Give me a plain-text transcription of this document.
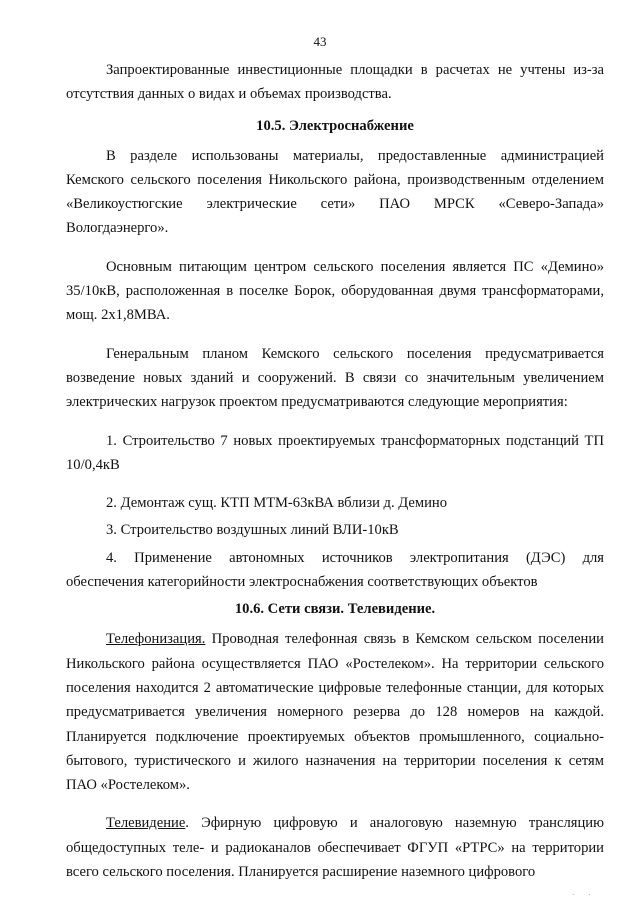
43

Запроектированные инвестиционные площадки в расчетах не учтены из-за отсутствия данных о видах и объемах производства.

10.5. Электроснабжение

В разделе использованы материалы, предоставленные администрацией Кемского сельского поселения Никольского района, производственным отделением «Великоустюгские электрические сети» ПАО МРСК «Северо-Запада» Вологдаэнерго».

Основным питающим центром сельского поселения является ПС «Демино» 35/10кВ, расположенная в поселке Борок, оборудованная двумя трансформаторами, мощ. 2х1,8МВА.

Генеральным планом Кемского сельского поселения предусматривается возведение новых зданий и сооружений. В связи со значительным увеличением электрических нагрузок проектом предусматриваются следующие мероприятия:

1. Строительство 7 новых проектируемых трансформаторных подстанций ТП 10/0,4кВ

2. Демонтаж сущ. КТП МТМ-63кВА вблизи д. Демино

3. Строительство воздушных линий ВЛИ-10кВ

4. Применение автономных источников электропитания (ДЭС) для обеспечения категорийности электроснабжения соответствующих объектов

10.6. Сети связи. Телевидение.

Телефонизация. Проводная телефонная связь в Кемском сельском поселении Никольского района осуществляется ПАО «Ростелеком». На территории сельского поселения находится 2 автоматические цифровые телефонные станции, для которых предусматривается увеличения номерного резерва до 128 номеров на каждой. Планируется подключение проектируемых объектов промышленного, социально-бытового, туристического и жилого назначения на территории поселения к сетям ПАО «Ростелеком».

Телевидение. Эфирную цифровую и аналоговую наземную трансляцию общедоступных теле- и радиоканалов обеспечивает ФГУП «РТРС» на территории всего сельского поселения. Планируется расширение наземного цифрового

· ·
